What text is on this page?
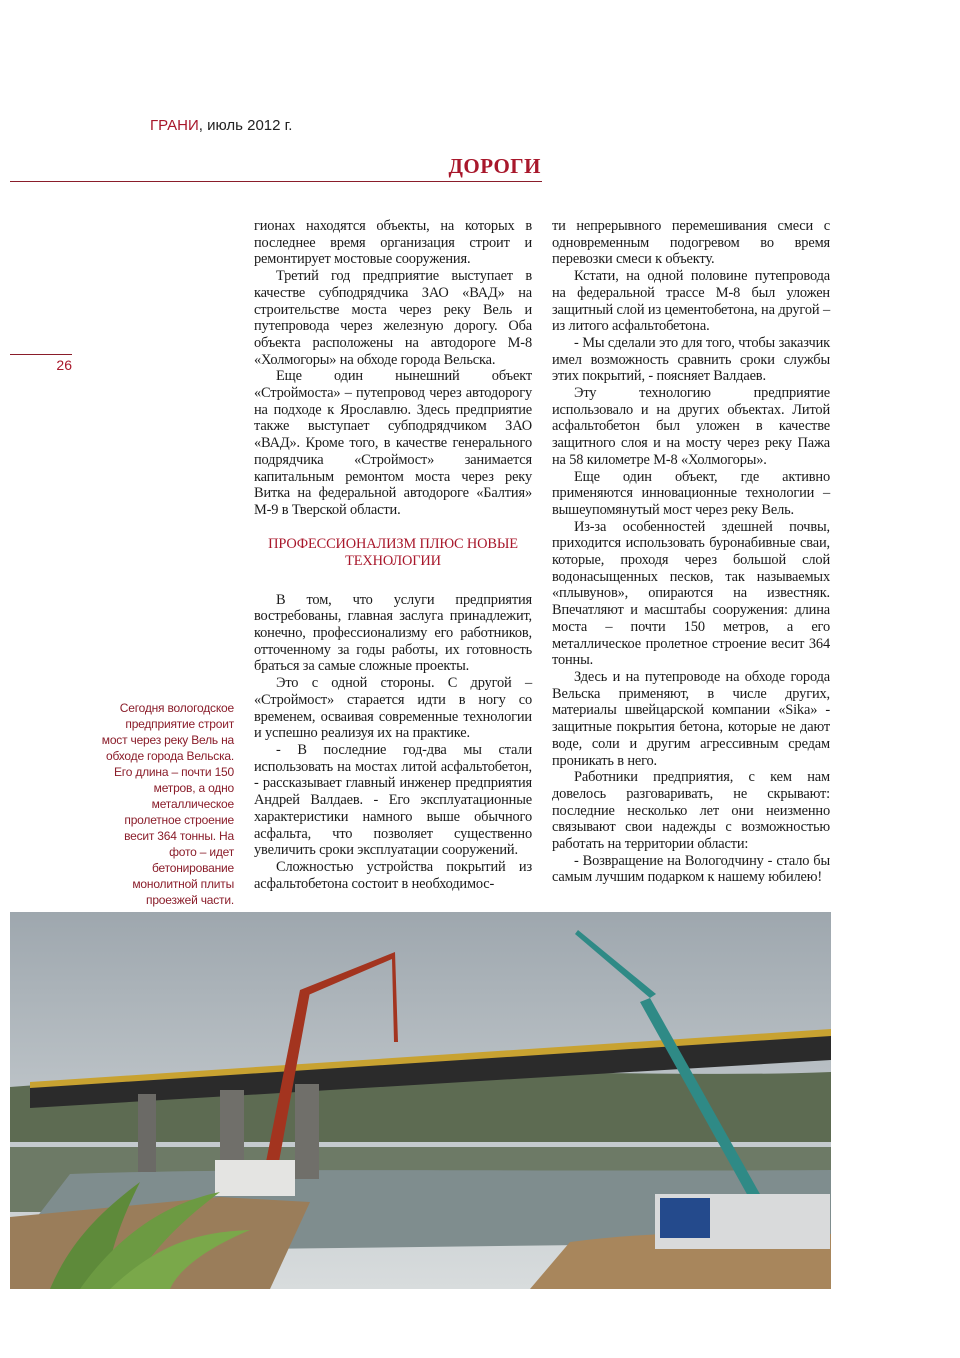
ГРАНИ, июль 2012 г.
ДОРОГИ
26
Сегодня вологодское предприятие строит мост через реку Вель на обходе города Вельска. Его длина – почти 150 метров, а одно металлическое пролетное строение весит 364 тонны. На фото – идет бетонирование монолитной плиты проезжей части.

гионах находятся объекты, на которых в последнее время организация строит и ремонтирует мостовые сооружения.

Третий год предприятие выступает в качестве субподрядчика ЗАО «ВАД» на строительстве моста через реку Вель и путепровода через железную дорогу. Оба объекта расположены на автодороге М-8 «Холмогоры» на обходе города Вельска.

Еще один нынешний объект «Строймоста» – путепровод через автодорогу на подходе к Ярославлю. Здесь предприятие также выступает субподрядчиком ЗАО «ВАД». Кроме того, в качестве генерального подрядчика «Строймост» занимается капитальным ремонтом моста через реку Витка на федеральной автодороге «Балтия» М-9 в Тверской области.

ПРОФЕССИОНАЛИЗМ ПЛЮС НОВЫЕ ТЕХНОЛОГИИ

В том, что услуги предприятия востребованы, главная заслуга принадлежит, конечно, профессионализму его работников, отточенному за годы работы, их готовность браться за самые сложные проекты.

Это с одной стороны. С другой – «Строймост» старается идти в ногу со временем, осваивая современные технологии и успешно реализуя их на практике.

- В последние год-два мы стали использовать на мостах литой асфальтобетон, - рассказывает главный инженер предприятия Андрей Валдаев. - Его эксплуатационные характеристики намного выше обычного асфальта, что позволяет существенно увеличить сроки эксплуатации сооружений.

Сложностью устройства покрытий из асфальтобетона состоит в необходимос-

ти непрерывного перемешивания смеси с одновременным подогревом во время перевозки смеси к объекту.

Кстати, на одной половине путепровода на федеральной трассе М-8 был уложен защитный слой из цементобетона, на другой – из литого асфальтобетона.

- Мы сделали это для того, чтобы заказчик имел возможность сравнить сроки службы этих покрытий, - поясняет Валдаев.

Эту технологию предприятие использовало и на других объектах. Литой асфальтобетон был уложен в качестве защитного слоя и на мосту через реку Пажа на 58 километре М-8 «Холмогоры».

Еще один объект, где активно применяются инновационные технологии – вышеупомянутый мост через реку Вель.

Из-за особенностей здешней почвы, приходится использовать буронабивные сваи, которые, проходя через большой слой водонасыщенных песков, так называемых «плывунов», опираются на известняк. Впечатляют и масштабы сооружения: длина моста – почти 150 метров, а его металлическое пролетное строение весит 364 тонны.

Здесь и на путепроводе на обходе города Вельска применяют, в числе других, материалы швейцарской компании «Sika» - защитные покрытия бетона, которые не дают воде, соли и другим агрессивным средам проникать в него.

Работники предприятия, с кем нам довелось разговаривать, не скрывают: последние несколько лет они неизменно связывают свои надежды с возможностью работать на территории области:

- Возвращение на Вологодчину - стало бы самым лучшим подарком к нашему юбилею!
